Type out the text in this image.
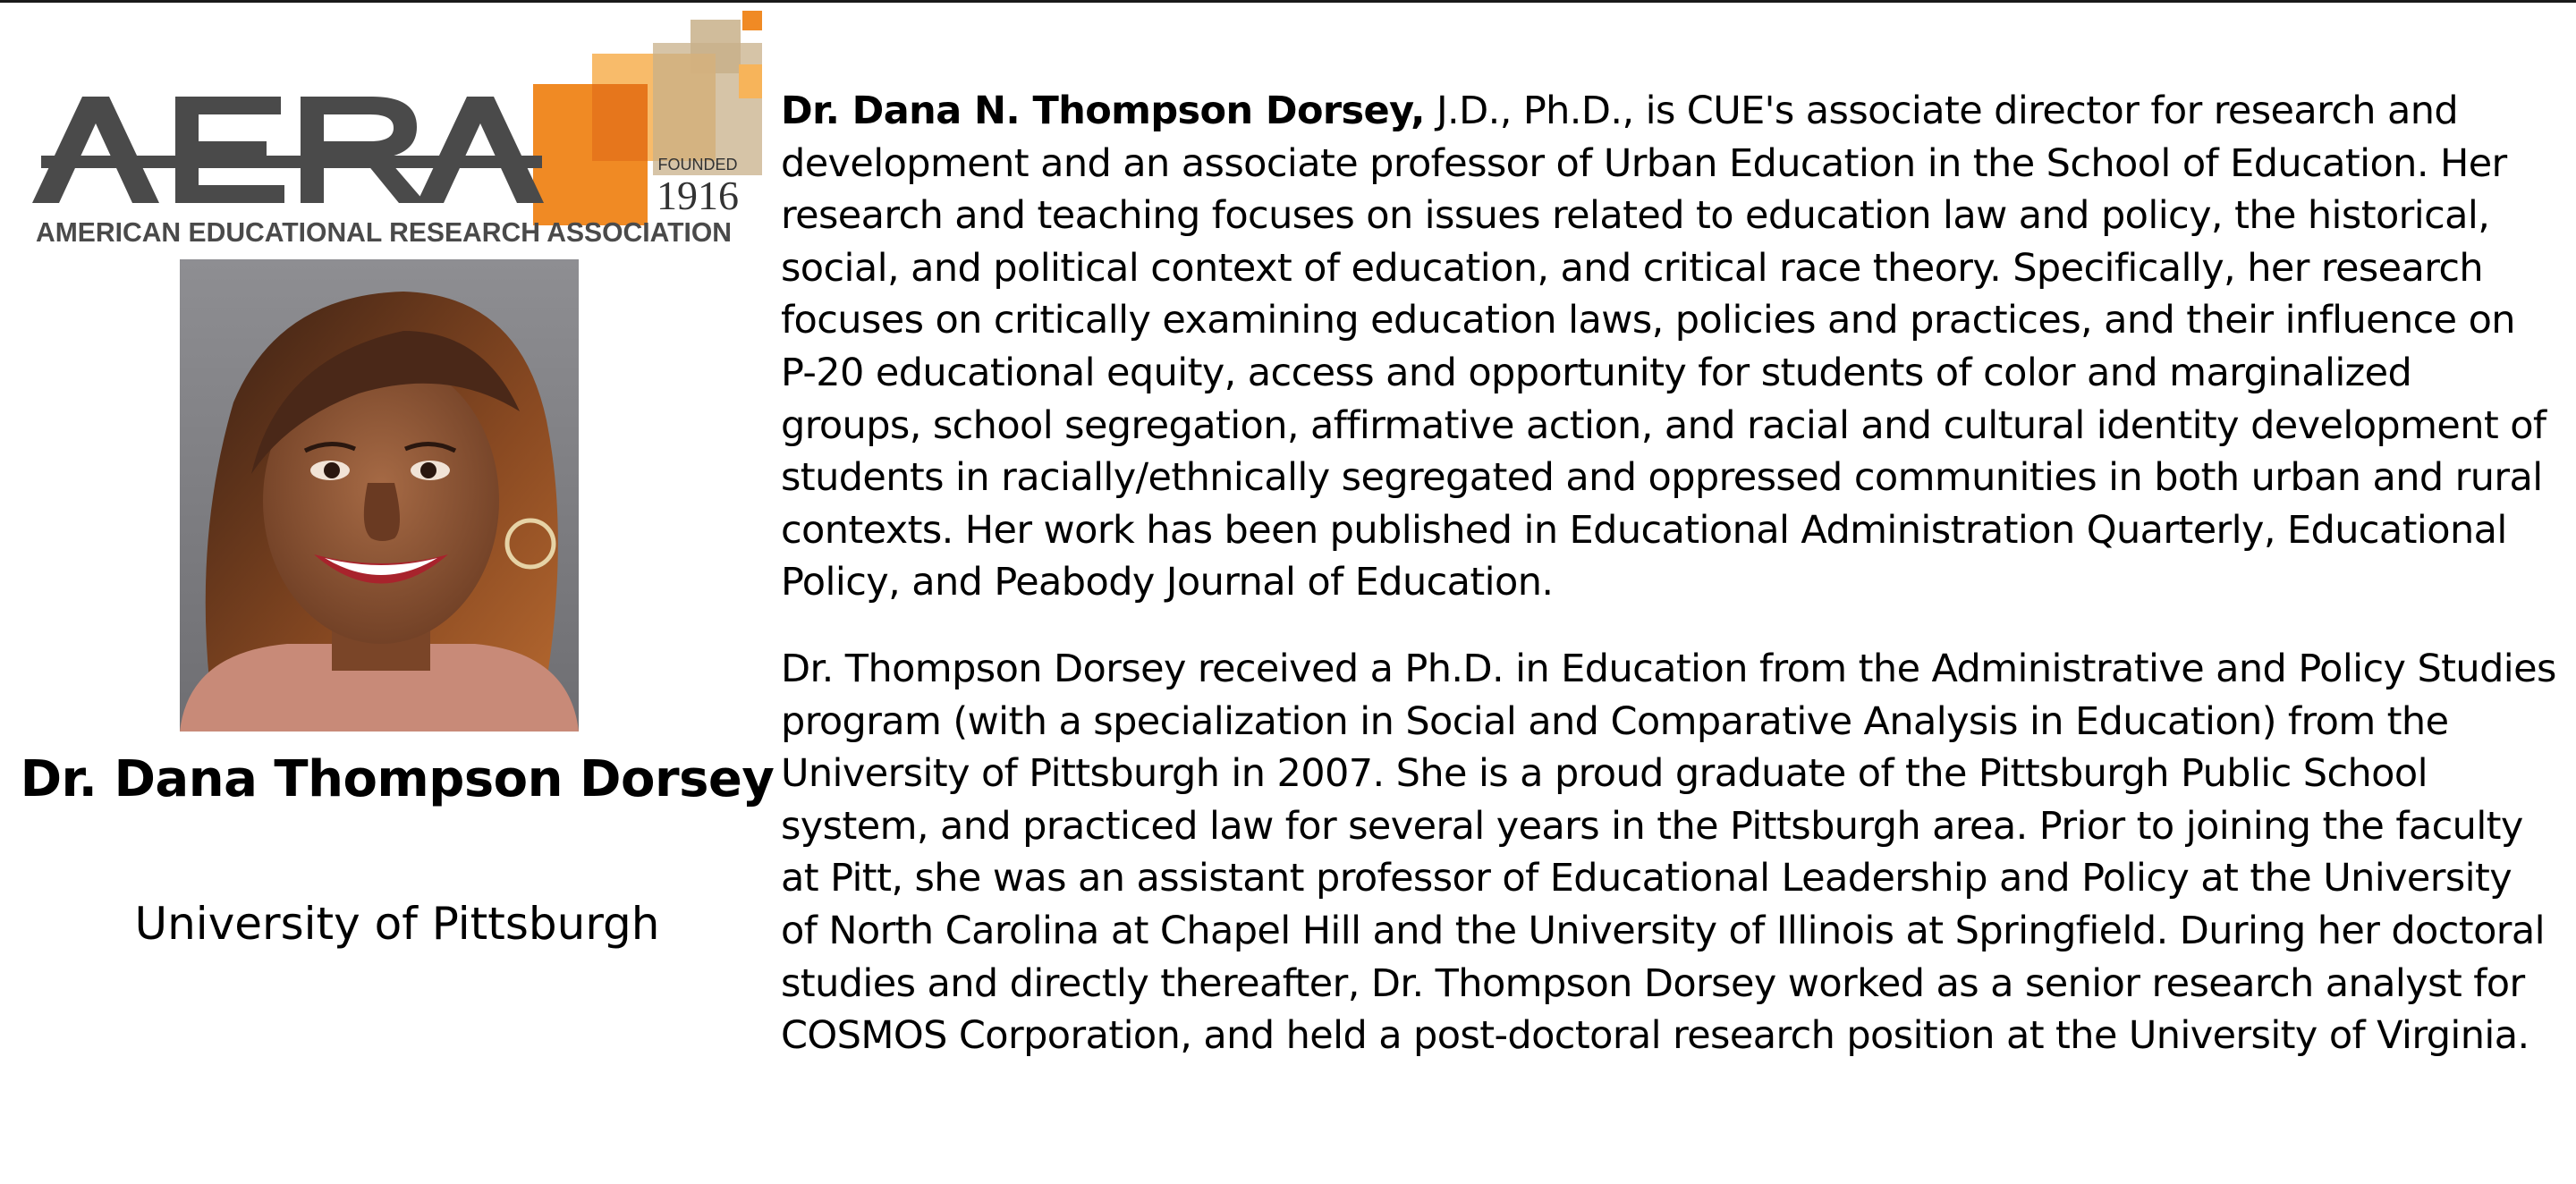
FOUNDED
1916
AERA
AMERICAN EDUCATIONAL RESEARCH ASSOCIATION
Dr. Dana Thompson Dorsey
University of Pittsburgh

Dr. Dana N. Thompson Dorsey, J.D., Ph.D., is CUE's associate director for research and development and an associate professor of Urban Education in the School of Education. Her research and teaching focuses on issues related to education law and policy, the historical, social, and political context of education, and critical race theory. Specifically, her research focuses on critically examining education laws, policies and practices, and their influence on P-20 educational equity, access and opportunity for students of color and marginalized groups, school segregation, affirmative action, and racial and cultural identity development of students in racially/ethnically segregated and oppressed communities in both urban and rural contexts. Her work has been published in Educational Administration Quarterly, Educational Policy, and Peabody Journal of Education.

Dr. Thompson Dorsey received a Ph.D. in Education from the Administrative and Policy Studies program (with a specialization in Social and Comparative Analysis in Education) from the University of Pittsburgh in 2007. She is a proud graduate of the Pittsburgh Public School system, and practiced law for several years in the Pittsburgh area. Prior to joining the faculty at Pitt, she was an assistant professor of Educational Leadership and Policy at the University of North Carolina at Chapel Hill and the University of Illinois at Springfield. During her doctoral studies and directly thereafter, Dr. Thompson Dorsey worked as a senior research analyst for COSMOS Corporation, and held a post-doctoral research position at the University of Virginia.
